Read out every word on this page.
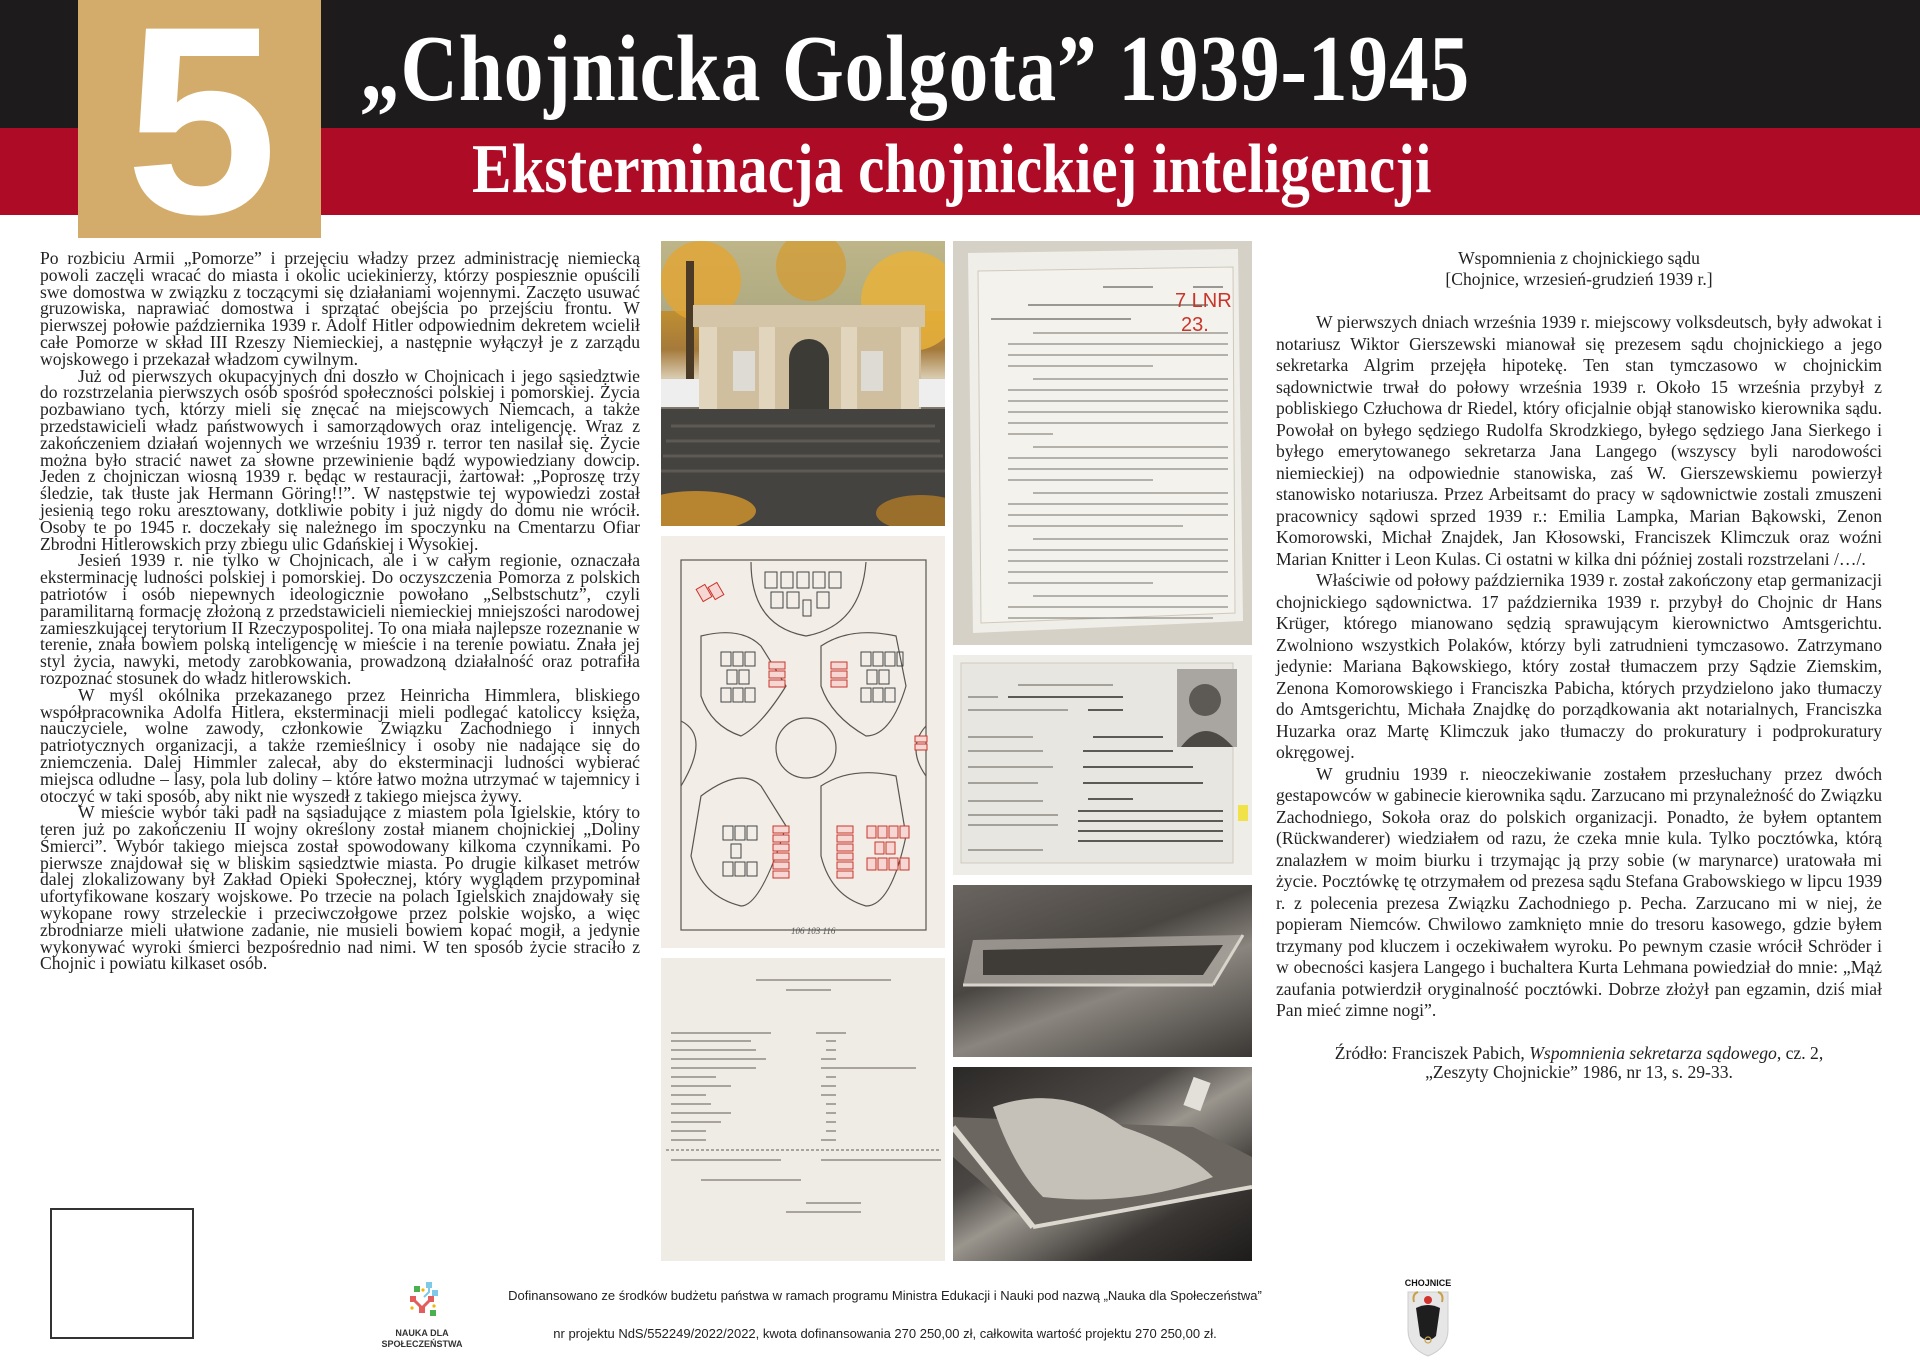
5 „Chojnicka Golgota” 1939-1945
Eksterminacja chojnickiej inteligencji

Po rozbiciu Armii „Pomorze” i przejęciu władzy przez administrację niemiecką powoli zaczęli wracać do miasta i okolic uciekinierzy, którzy pospiesznie opuścili swe domostwa w związku z toczącymi się działaniami wojennymi. Zaczęto usuwać gruzowiska, naprawiać domostwa i sprzątać obejścia po przejściu frontu. W pierwszej połowie października 1939 r. Adolf Hitler odpowiednim dekretem wcielił całe Pomorze w skład III Rzeszy Niemieckiej, a następnie wyłączył je z zarządu wojskowego i przekazał władzom cywilnym.

Już od pierwszych okupacyjnych dni doszło w Chojnicach i jego sąsiedztwie do rozstrzelania pierwszych osób spośród społeczności polskiej i pomorskiej. Życia pozbawiano tych, którzy mieli się znęcać na miejscowych Niemcach, a także przedstawicieli władz państwowych i samorządowych oraz inteligencję. Wraz z zakończeniem działań wojennych we wrześniu 1939 r. terror ten nasilał się. Życie można było stracić nawet za słowne przewinienie bądź wypowiedziany dowcip. Jeden z chojniczan wiosną 1939 r. będąc w restauracji, żartował: „Poproszę trzy śledzie, tak tłuste jak Hermann Göring!!”. W następstwie tej wypowiedzi został jesienią tego roku aresztowany, dotkliwie pobity i już nigdy do domu nie wrócił. Osoby te po 1945 r. doczekały się należnego im spoczynku na Cmentarzu Ofiar Zbrodni Hitlerowskich przy zbiegu ulic Gdańskiej i Wysokiej.

Jesień 1939 r. nie tylko w Chojnicach, ale i w całym regionie, oznaczała eksterminację ludności polskiej i pomorskiej. Do oczyszczenia Pomorza z polskich patriotów i osób niepewnych ideologicznie powołano „Selbstschutz”, czyli paramilitarną formację złożoną z przedstawicieli niemieckiej mniejszości narodowej zamieszkującej terytorium II Rzeczypospolitej. To ona miała najlepsze rozeznanie w terenie, znała bowiem polską inteligencję w mieście i na terenie powiatu. Znała jej styl życia, nawyki, metody zarobkowania, prowadzoną działalność oraz potrafiła rozpoznać stosunek do władz hitlerowskich.

W myśl okólnika przekazanego przez Heinricha Himmlera, bliskiego współpracownika Adolfa Hitlera, eksterminacji mieli podlegać katoliccy księża, nauczyciele, wolne zawody, członkowie Związku Zachodniego i innych patriotycznych organizacji, a także rzemieślnicy i osoby nie nadające się do zniemczenia. Dalej Himmler zalecał, aby do eksterminacji ludności wybierać miejsca odludne – lasy, pola lub doliny – które łatwo można utrzymać w tajemnicy i otoczyć w taki sposób, aby nikt nie wyszedł z takiego miejsca żywy.

W mieście wybór taki padł na sąsiadujące z miastem pola Igielskie, który to teren już po zakończeniu II wojny określony został mianem chojnickiej „Doliny Śmierci”. Wybór takiego miejsca został spowodowany kilkoma czynnikami. Po pierwsze znajdował się w bliskim sąsiedztwie miasta. Po drugie kilkaset metrów dalej zlokalizowany był Zakład Opieki Społecznej, który wyglądem przypominał ufortyfikowane koszary wojskowe. Po trzecie na polach Igielskich znajdowały się wykopane rowy strzeleckie i przeciwczołgowe przez polskie wojsko, a więc zbrodniarze mieli ułatwione zadanie, nie musieli bowiem kopać mogił, a jedynie wykonywać wyroki śmierci bezpośrednio nad nimi. W ten sposób życie straciło z Chojnic i powiatu kilkaset osób.

106 103 116
7 LNR
23.
Wspomnienia z chojnickiego sądu
[Chojnice, wrzesień-grudzień 1939 r.]

W pierwszych dniach września 1939 r. miejscowy volksdeutsch, były adwokat i notariusz Wiktor Gierszewski mianował się prezesem sądu chojnickiego a jego sekretarka Algrim przejęła hipotekę. Ten stan tymczasowo w chojnickim sądownictwie trwał do połowy września 1939 r. Około 15 września przybył z pobliskiego Człuchowa dr Riedel, który oficjalnie objął stanowisko kierownika sądu. Powołał on byłego sędziego Rudolfa Skrodzkiego, byłego sędziego Jana Sierkego i byłego emerytowanego sekretarza Jana Langego (wszyscy byli narodowości niemieckiej) na odpowiednie stanowiska, zaś W. Gierszewskiemu powierzył stanowisko notariusza. Przez Arbeitsamt do pracy w sądownictwie zostali zmuszeni pracownicy sądowi sprzed 1939 r.: Emilia Lampka, Marian Bąkowski, Zenon Komorowski, Michał Znajdek, Jan Kłosowski, Franciszek Klimczuk oraz woźni Marian Knitter i Leon Kulas. Ci ostatni w kilka dni później zostali rozstrzelani /…/.

Właściwie od połowy października 1939 r. został zakończony etap germanizacji chojnickiego sądownictwa. 17 października 1939 r. przybył do Chojnic dr Hans Krüger, którego mianowano sędzią sprawującym kierownictwo Amtsgerichtu. Zwolniono wszystkich Polaków, którzy byli zatrudnieni tymczasowo. Zatrzymano jedynie: Mariana Bąkowskiego, który został tłumaczem przy Sądzie Ziemskim, Zenona Komorowskiego i Franciszka Pabicha, których przydzielono jako tłumaczy do Amtsgerichtu, Michała Znajdkę do porządkowania akt notarialnych, Franciszka Huzarka oraz Martę Klimczuk jako tłumaczy do prokuratury i podprokuratury okręgowej.

W grudniu 1939 r. nieoczekiwanie zostałem przesłuchany przez dwóch gestapowców w gabinecie kierownika sądu. Zarzucano mi przynależność do Związku Zachodniego, Sokoła oraz do polskich organizacji. Ponadto, że byłem optantem (Rückwanderer) wiedziałem od razu, że czeka mnie kula. Tylko pocztówka, którą znalazłem w moim biurku i trzymając ją przy sobie (w marynarce) uratowała mi życie. Pocztówkę tę otrzymałem od prezesa sądu Stefana Grabowskiego w lipcu 1939 r. z polecenia prezesa Związku Zachodniego p. Pecha. Zarzucano mi w niej, że popieram Niemców. Chwilowo zamknięto mnie do tresoru kasowego, gdzie byłem trzymany pod kluczem i oczekiwałem wyroku. Po pewnym czasie wrócił Schröder i w obecności kasjera Langego i buchaltera Kurta Lehmana powiedział do mnie: „Mąż zaufania potwierdził oryginalność pocztówki. Dobrze złożył pan egzamin, dziś miał Pan mieć zimne nogi”.

Źródło: Franciszek Pabich, Wspomnienia sekretarza sądowego, cz. 2,
„Zeszyty Chojnickie” 1986, nr 13, s. 29-33.

NAUKA DLA
SPOŁECZEŃSTWA
Dofinansowano ze środków budżetu państwa w ramach programu Ministra Edukacji i Nauki pod nazwą „Nauka dla Społeczeństwa”
nr projektu NdS/552249/2022/2022, kwota dofinansowania 270 250,00 zł, całkowita wartość projektu 270 250,00 zł.
CHOJNICE
